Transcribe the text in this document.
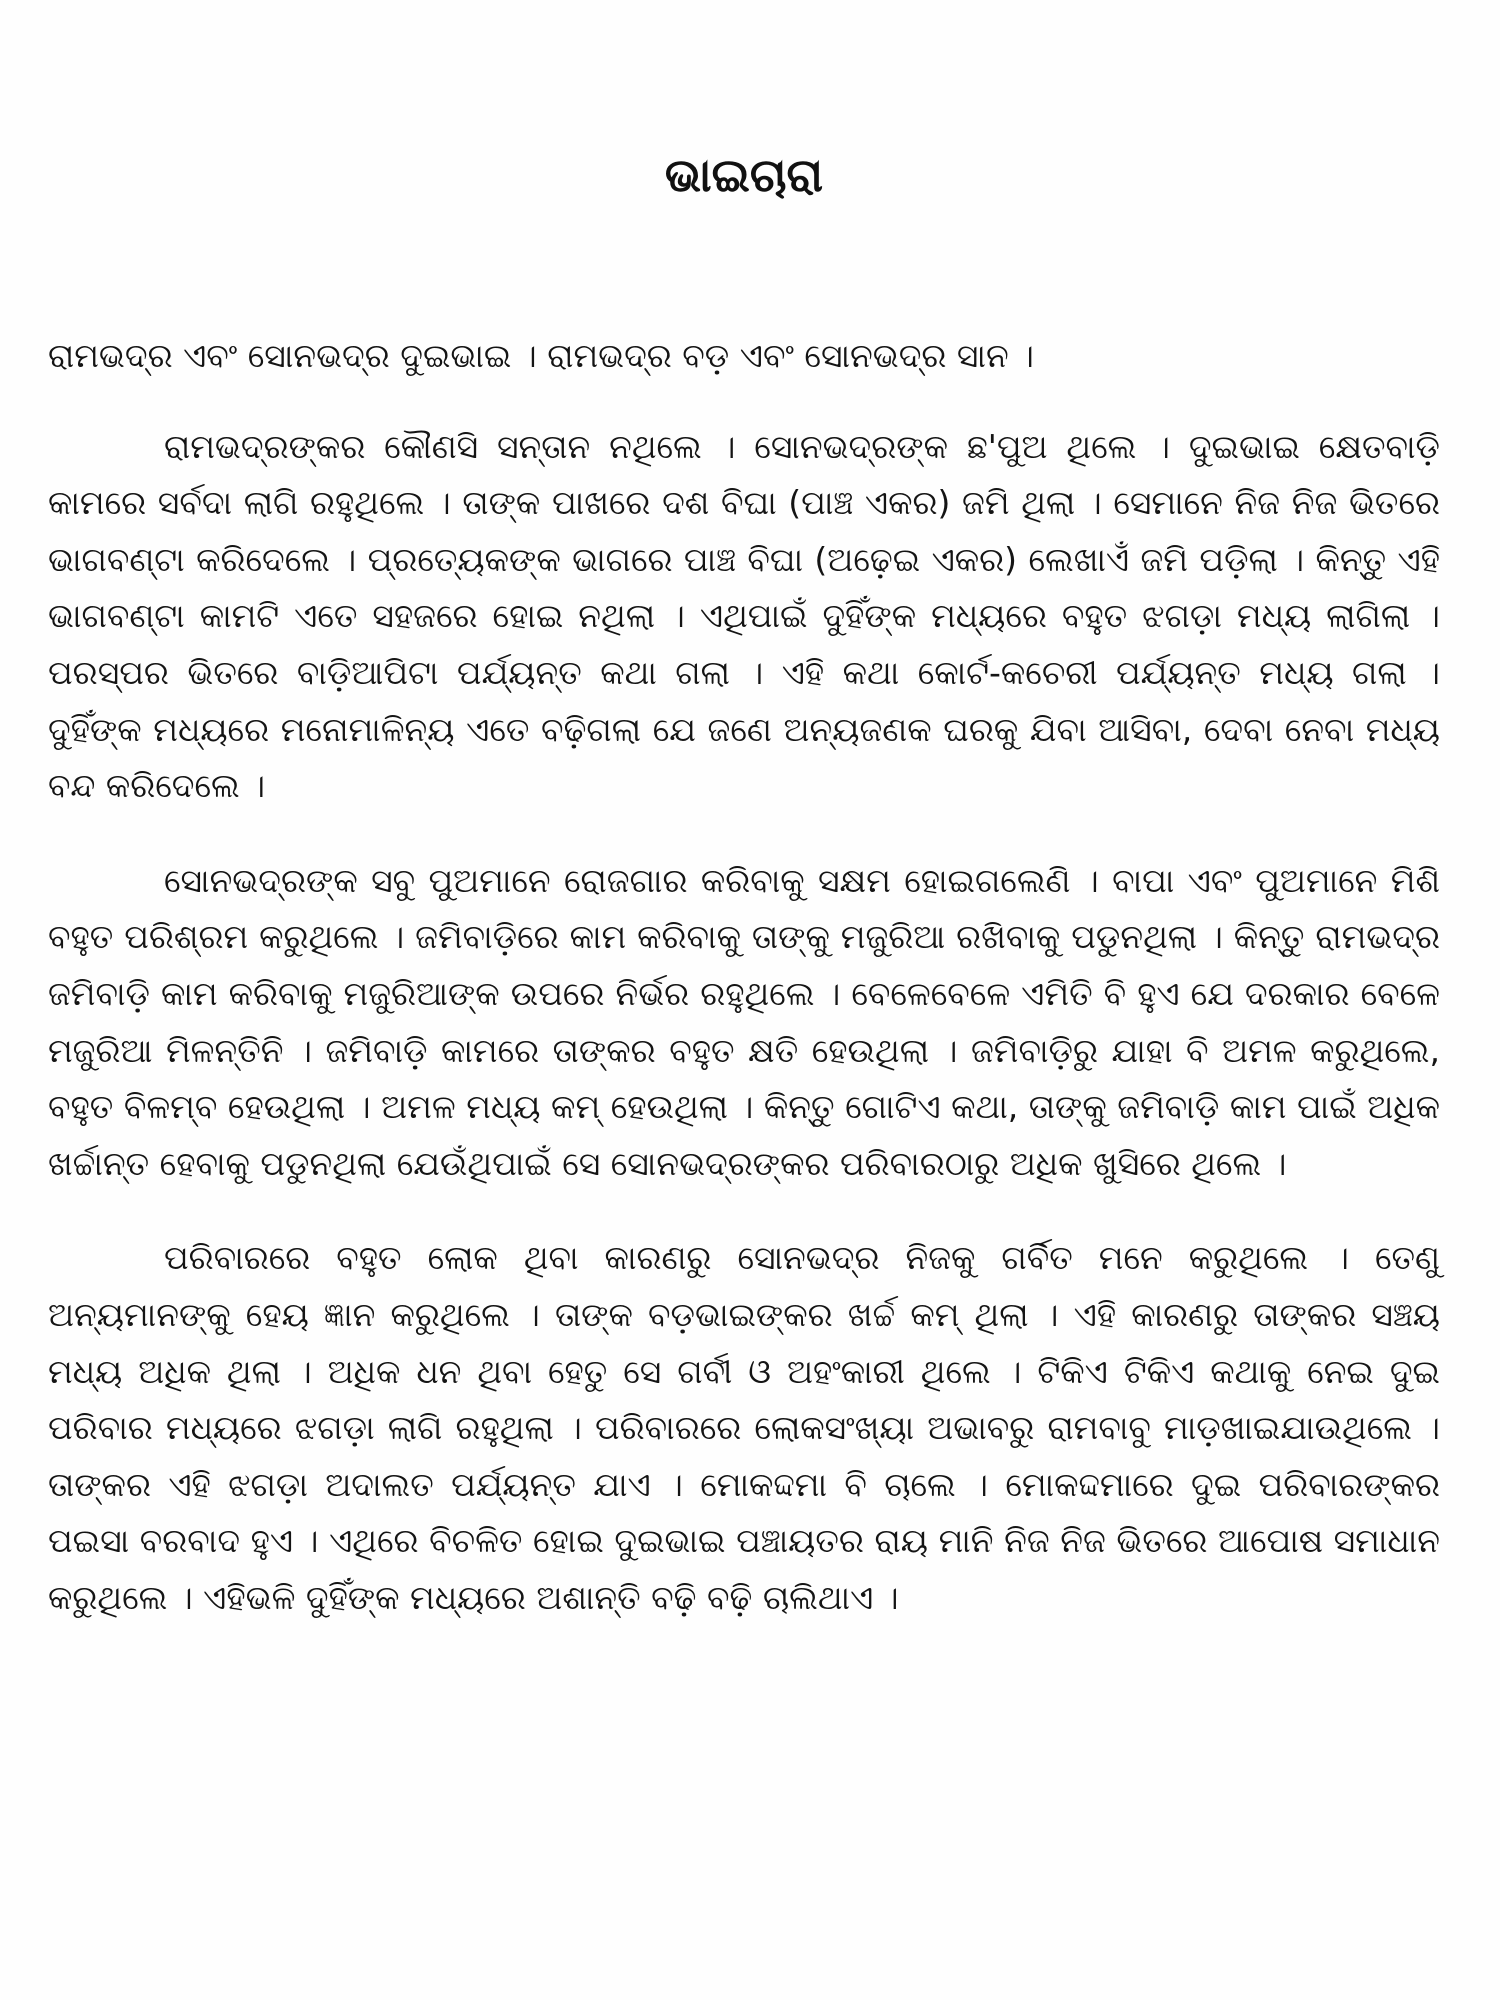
ଭାଇଚାରା

ରାମଭଦ୍ର ଏବଂ ସୋନଭଦ୍ର ଦୁଇଭାଇ । ରାମଭଦ୍ର ବଡ଼ ଏବଂ ସୋନଭଦ୍ର ସାନ ।

ରାମଭଦ୍ରଙ୍କର କୌଣସି ସନ୍ତାନ ନଥିଲେ । ସୋନଭଦ୍ରଙ୍କ ଛ'ପୁଅ ଥିଲେ । ଦୁଇଭାଇ କ୍ଷେତବାଡ଼ି କାମରେ ସର୍ବଦା ଲାଗି ରହୁଥିଲେ । ତାଙ୍କ ପାଖରେ ଦଶ ବିଘା (ପାଞ୍ଚ ଏକର) ଜମି ଥିଲା । ସେମାନେ ନିଜ ନିଜ ଭିତରେ ଭାଗବଣ୍ଟା କରିଦେଲେ । ପ୍ରତ୍ୟେକଙ୍କ ଭାଗରେ ପାଞ୍ଚ ବିଘା (ଅଢ଼େଇ ଏକର) ଲେଖାଏଁ ଜମି ପଡ଼ିଲା । କିନ୍ତୁ ଏହି ଭାଗବଣ୍ଟା କାମଟି ଏତେ ସହଜରେ ହୋଇ ନଥିଲା । ଏଥିପାଇଁ ଦୁହିଁଙ୍କ ମଧ୍ୟରେ ବହୁତ ଝଗଡ଼ା ମଧ୍ୟ ଲାଗିଲା । ପରସ୍ପର ଭିତରେ ବାଡ଼ିଆପିଟା ପର୍ଯ୍ୟନ୍ତ କଥା ଗଲା । ଏହି କଥା କୋର୍ଟ-କଚେରୀ ପର୍ଯ୍ୟନ୍ତ ମଧ୍ୟ ଗଲା । ଦୁହିଁଙ୍କ ମଧ୍ୟରେ ମନୋମାଳିନ୍ୟ ଏତେ ବଢ଼ିଗଲା ଯେ ଜଣେ ଅନ୍ୟଜଣକ ଘରକୁ ଯିବା ଆସିବା, ଦେବା ନେବା ମଧ୍ୟ ବନ୍ଦ କରିଦେଲେ ।

ସୋନଭଦ୍ରଙ୍କ ସବୁ ପୁଅମାନେ ରୋଜଗାର କରିବାକୁ ସକ୍ଷମ ହୋଇଗଲେଣି । ବାପା ଏବଂ ପୁଅମାନେ ମିଶି ବହୁତ ପରିଶ୍ରମ କରୁଥିଲେ । ଜମିବାଡ଼ିରେ କାମ କରିବାକୁ ତାଙ୍କୁ ମଜୁରିଆ ରଖିବାକୁ ପଡୁନଥିଲା । କିନ୍ତୁ ରାମଭଦ୍ର ଜମିବାଡ଼ି କାମ କରିବାକୁ ମଜୁରିଆଙ୍କ ଉପରେ ନିର୍ଭର ରହୁଥିଲେ । ବେଳେବେଳେ ଏମିତି ବି ହୁଏ ଯେ ଦରକାର ବେଳେ ମଜୁରିଆ ମିଳନ୍ତିନି । ଜମିବାଡ଼ି କାମରେ ତାଙ୍କର ବହୁତ କ୍ଷତି ହେଉଥିଲା । ଜମିବାଡ଼ିରୁ ଯାହା ବି ଅମଳ କରୁଥିଲେ, ବହୁତ ବିଳମ୍ବ ହେଉଥିଲା । ଅମଳ ମଧ୍ୟ କମ୍ ହେଉଥିଲା । କିନ୍ତୁ ଗୋଟିଏ କଥା, ତାଙ୍କୁ ଜମିବାଡ଼ି କାମ ପାଇଁ ଅଧିକ ଖର୍ଚ୍ଚାନ୍ତ ହେବାକୁ ପଡୁନଥିଲା ଯେଉଁଥିପାଇଁ ସେ ସୋନଭଦ୍ରଙ୍କର ପରିବାରଠାରୁ ଅଧିକ ଖୁସିରେ ଥିଲେ ।

ପରିବାରରେ ବହୁତ ଲୋକ ଥିବା କାରଣରୁ ସୋନଭଦ୍ର ନିଜକୁ ଗର୍ବିତ ମନେ କରୁଥିଲେ । ତେଣୁ ଅନ୍ୟମାନଙ୍କୁ ହେୟ ଜ୍ଞାନ କରୁଥିଲେ । ତାଙ୍କ ବଡ଼ଭାଇଙ୍କର ଖର୍ଚ୍ଚ କମ୍ ଥିଲା । ଏହି କାରଣରୁ ତାଙ୍କର ସଞ୍ଚୟ ମଧ୍ୟ ଅଧିକ ଥିଲା । ଅଧିକ ଧନ ଥିବା ହେତୁ ସେ ଗର୍ବୀ ଓ ଅହଂକାରୀ ଥିଲେ । ଟିକିଏ ଟିକିଏ କଥାକୁ ନେଇ ଦୁଇ ପରିବାର ମଧ୍ୟରେ ଝଗଡ଼ା ଲାଗି ରହୁଥିଲା । ପରିବାରରେ ଲୋକସଂଖ୍ୟା ଅଭାବରୁ ରାମବାବୁ ମାଡ଼ଖାଇଯାଉଥିଲେ । ତାଙ୍କର ଏହି ଝଗଡ଼ା ଅଦାଲତ ପର୍ଯ୍ୟନ୍ତ ଯାଏ । ମୋକଦ୍ଦମା ବି ଚାଲେ । ମୋକଦ୍ଦମାରେ ଦୁଇ ପରିବାରଙ୍କର ପଇସା ବରବାଦ ହୁଏ । ଏଥିରେ ବିଚଳିତ ହୋଇ ଦୁଇଭାଇ ପଞ୍ଚାୟତର ରାୟ ମାନି ନିଜ ନିଜ ଭିତରେ ଆପୋଷ ସମାଧାନ କରୁଥିଲେ । ଏହିଭଳି ଦୁହିଁଙ୍କ ମଧ୍ୟରେ ଅଶାନ୍ତି ବଢ଼ି ବଢ଼ି ଚାଲିଥାଏ ।
